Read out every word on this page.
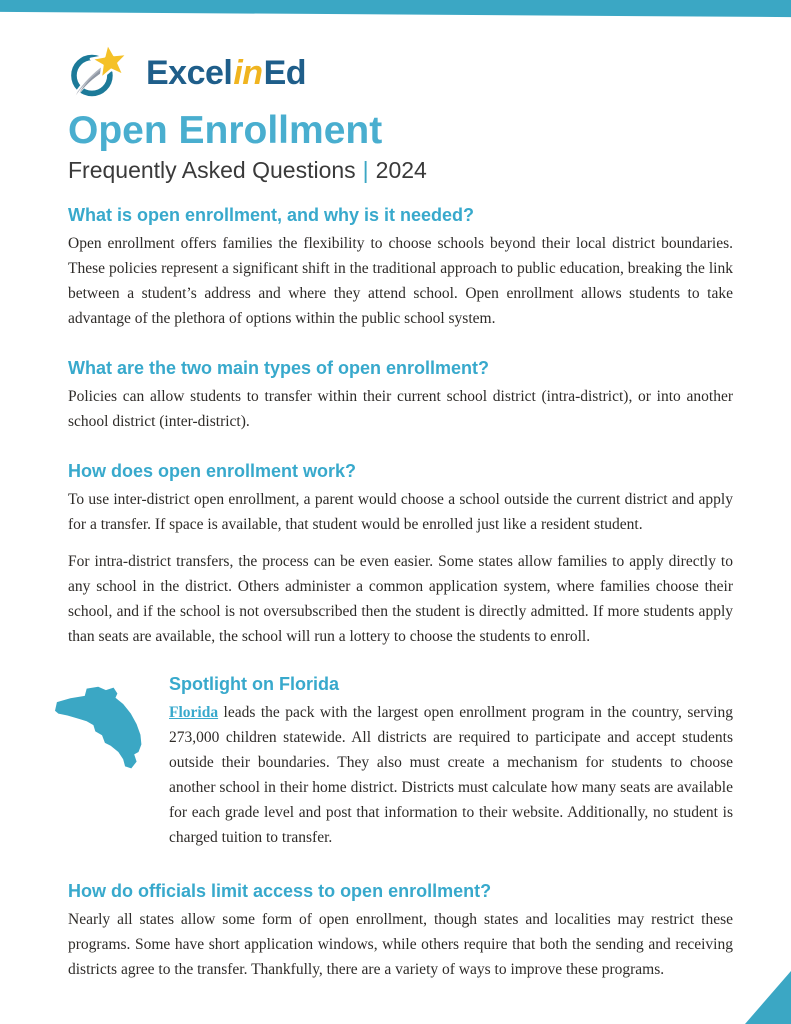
ExcelinEd
Open Enrollment
Frequently Asked Questions | 2024
What is open enrollment, and why is it needed?

Open enrollment offers families the flexibility to choose schools beyond their local district boundaries. These policies represent a significant shift in the traditional approach to public education, breaking the link between a student’s address and where they attend school. Open enrollment allows students to take advantage of the plethora of options within the public school system.

What are the two main types of open enrollment?

Policies can allow students to transfer within their current school district (intra-district), or into another school district (inter-district).

How does open enrollment work?

To use inter-district open enrollment, a parent would choose a school outside the current district and apply for a transfer. If space is available, that student would be enrolled just like a resident student.

For intra-district transfers, the process can be even easier. Some states allow families to apply directly to any school in the district. Others administer a common application system, where families choose their school, and if the school is not oversubscribed then the student is directly admitted. If more students apply than seats are available, the school will run a lottery to choose the students to enroll.

Spotlight on Florida

Florida leads the pack with the largest open enrollment program in the country, serving 273,000 children statewide. All districts are required to participate and accept students outside their boundaries. They also must create a mechanism for students to choose another school in their home district. Districts must calculate how many seats are available for each grade level and post that information to their website. Additionally, no student is charged tuition to transfer.

How do officials limit access to open enrollment?

Nearly all states allow some form of open enrollment, though states and localities may restrict these programs. Some have short application windows, while others require that both the sending and receiving districts agree to the transfer. Thankfully, there are a variety of ways to improve these programs.
